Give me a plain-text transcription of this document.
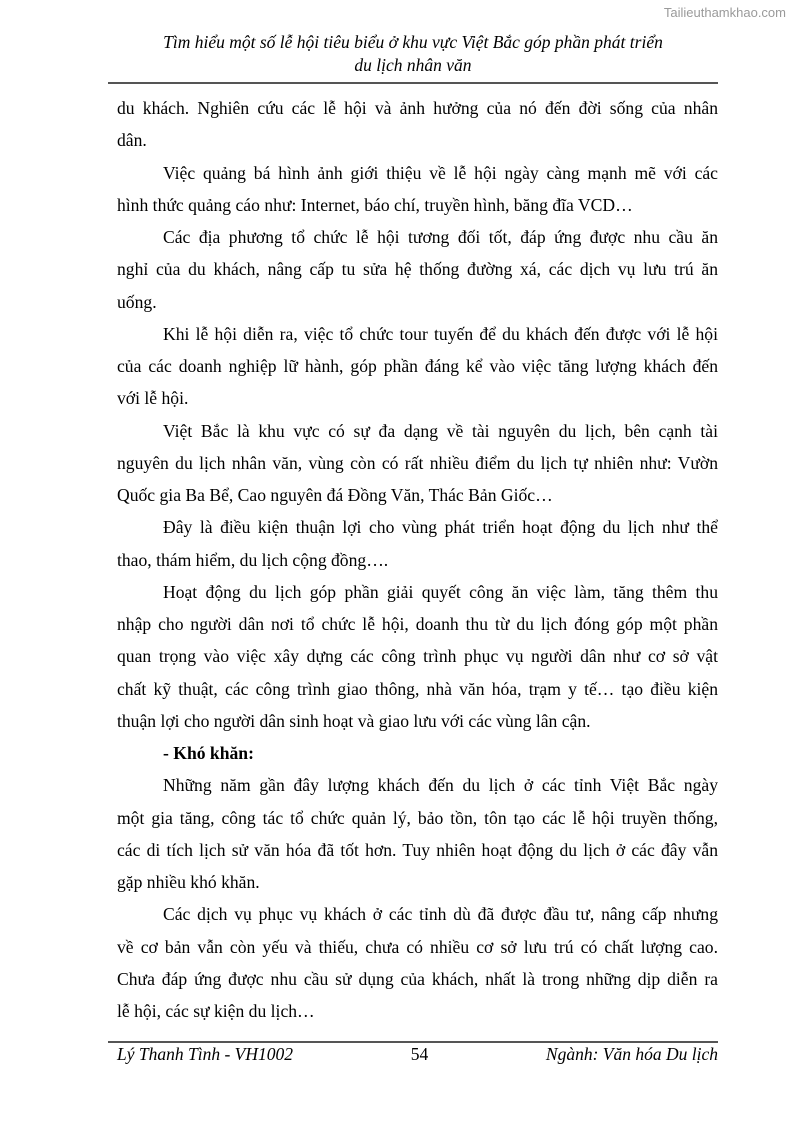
Tailieuthamkhao.com
Tìm hiểu một số lễ hội tiêu biểu ở khu vực Việt Bắc góp phần phát triển
du lịch nhân văn
du khách. Nghiên cứu các lễ hội và ảnh hưởng của nó đến đời sống của nhân
dân.
Việc quảng bá hình ảnh giới thiệu về lễ hội ngày càng mạnh mẽ với các
hình thức quảng cáo như: Internet, báo chí, truyền hình, băng đĩa VCD…
Các địa phương tổ chức lễ hội tương đối tốt, đáp ứng được nhu cầu ăn
nghỉ của du khách, nâng cấp tu sửa hệ thống đường xá, các dịch vụ lưu trú ăn
uống.
Khi lễ hội diễn ra, việc tổ chức tour tuyến để du khách đến được với lễ hội
của các doanh nghiệp lữ hành, góp phần đáng kể vào việc tăng lượng khách đến
với lễ hội.
Việt Bắc là khu vực có sự đa dạng về tài nguyên du lịch, bên cạnh tài
nguyên du lịch nhân văn, vùng còn có rất nhiều điểm du lịch tự nhiên như: Vườn
Quốc gia Ba Bể, Cao nguyên đá Đồng Văn, Thác Bản Giốc…
Đây là điều kiện thuận lợi cho vùng phát triển hoạt động du lịch như thể
thao, thám hiểm, du lịch cộng đồng….
Hoạt động du lịch góp phần giải quyết công ăn việc làm, tăng thêm thu
nhập cho người dân nơi tổ chức lễ hội, doanh thu từ du lịch đóng góp một phần
quan trọng vào việc xây dựng các công trình phục vụ người dân như cơ sở vật
chất kỹ thuật, các công trình giao thông, nhà văn hóa, trạm y tế… tạo điều kiện
thuận lợi cho người dân sinh hoạt và giao lưu với các vùng lân cận.
- Khó khăn:
Những năm gần đây lượng khách đến du lịch ở các tỉnh Việt Bắc ngày
một gia tăng, công tác tổ chức quản lý, bảo tồn, tôn tạo các lễ hội truyền thống,
các di tích lịch sử văn hóa đã tốt hơn. Tuy nhiên hoạt động du lịch ở các đây vẫn
gặp nhiều khó khăn.
Các dịch vụ phục vụ khách ở các tỉnh dù đã được đầu tư, nâng cấp nhưng
về cơ bản vẫn còn yếu và thiếu, chưa có nhiều cơ sở lưu trú có chất lượng cao.
Chưa đáp ứng được nhu cầu sử dụng của khách, nhất là trong những dịp diễn ra
lễ hội, các sự kiện du lịch…
Lý Thanh Tình - VH1002	54	Ngành: Văn hóa Du lịch
